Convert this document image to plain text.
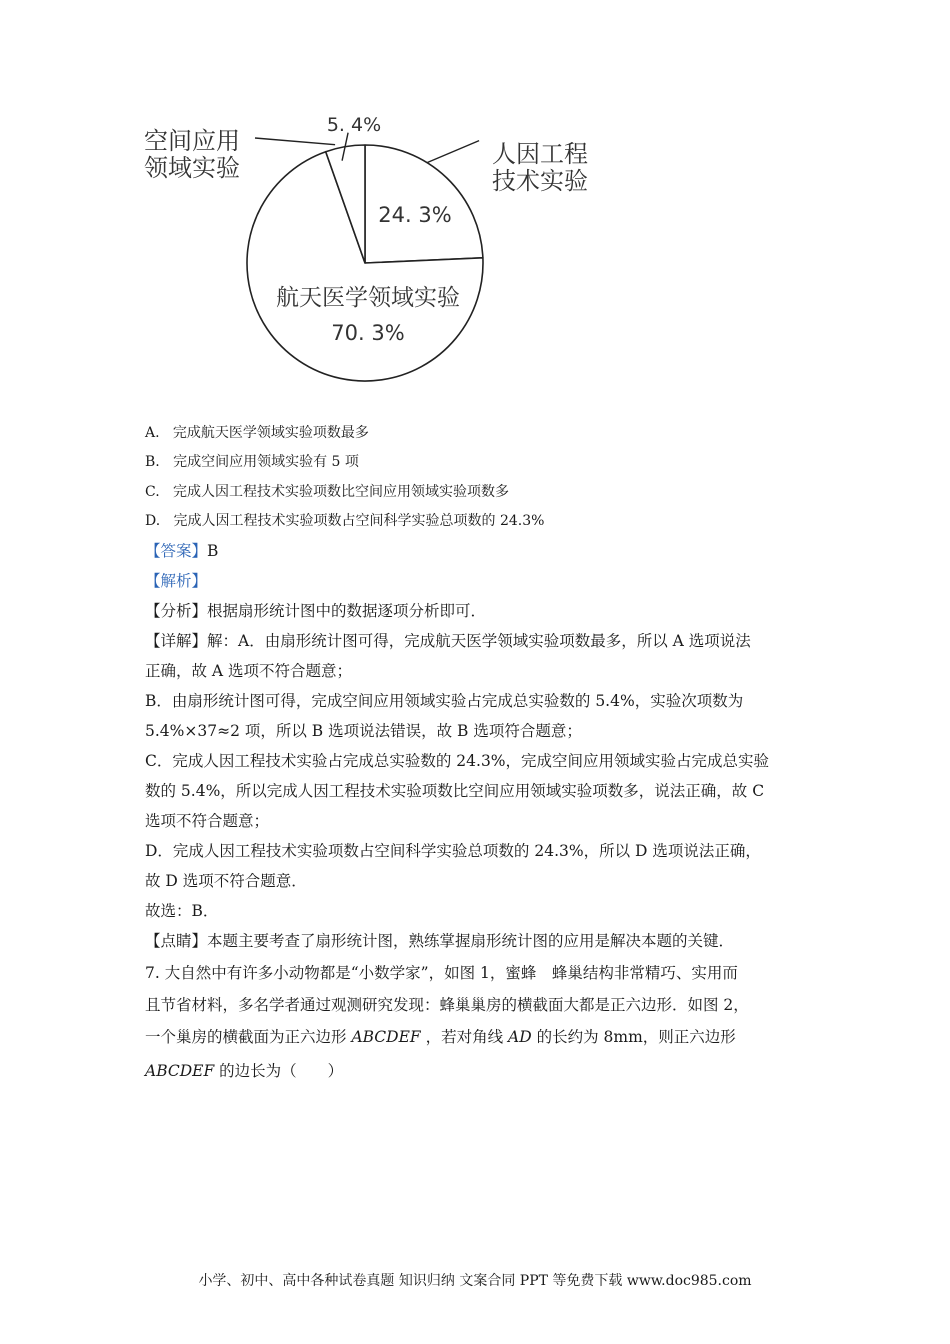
24. 3%
人因工程
技术实验
航天医学领域实验
70. 3%
5. 4%
空间应用
领域实验
A. 完成航天医学领域实验项数最多
B. 完成空间应用领域实验有 5 项
C. 完成人因工程技术实验项数比空间应用领域实验项数多
D. 完成人因工程技术实验项数占空间科学实验总项数的 24.3%
【答案】B
【解析】
【分析】根据扇形统计图中的数据逐项分析即可．
【详解】解：A．由扇形统计图可得，完成航天医学领域实验项数最多，所以 A 选项说法
正确，故 A 选项不符合题意；
B．由扇形统计图可得，完成空间应用领域实验占完成总实验数的 5.4%，实验次项数为
5.4%×37≈2 项，所以 B 选项说法错误，故 B 选项符合题意；
C．完成人因工程技术实验占完成总实验数的 24.3%，完成空间应用领域实验占完成总实验
数的 5.4%，所以完成人因工程技术实验项数比空间应用领域实验项数多，说法正确，故 C
选项不符合题意；
D．完成人因工程技术实验项数占空间科学实验总项数的 24.3%，所以 D 选项说法正确，
故 D 选项不符合题意．
故选：B．
【点睛】本题主要考查了扇形统计图，熟练掌握扇形统计图的应用是解决本题的关键．
7. 大自然中有许多小动物都是“小数学家”，如图 1，蜜蜂　蜂巢结构非常精巧、实用而
且节省材料，多名学者通过观测研究发现：蜂巢巢房的横截面大都是正六边形．如图 2，
一个巢房的横截面为正六边形 ABCDEF ，若对角线 AD 的长约为 8mm，则正六边形
ABCDEF 的边长为（　　）
小学、初中、高中各种试卷真题 知识归纳 文案合同 PPT 等免费下载 www.doc985.com
